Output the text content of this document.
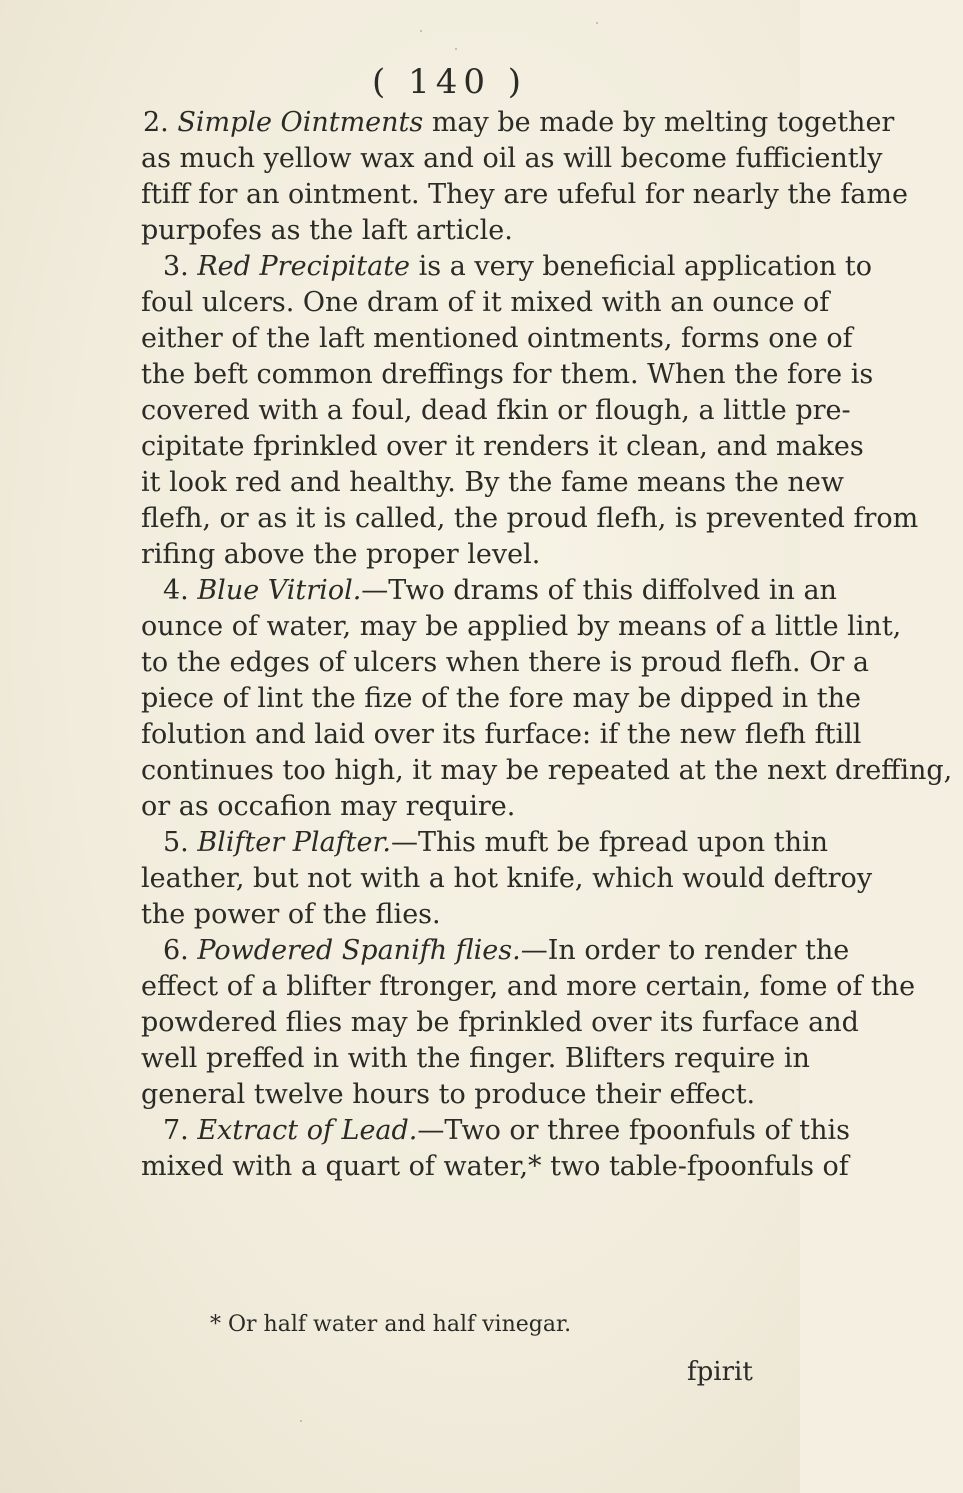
( 140 )
2. Simple Ointments may be made by melting together
as much yellow wax and oil as will become fufficiently
ftiff for an ointment. They are ufeful for nearly the fame
purpofes as the laft article.
3. Red Precipitate is a very beneficial application to
foul ulcers. One dram of it mixed with an ounce of
either of the laft mentioned ointments, forms one of
the beft common dreffings for them. When the fore is
covered with a foul, dead fkin or flough, a little pre-
cipitate fprinkled over it renders it clean, and makes
it look red and healthy. By the fame means the new
flefh, or as it is called, the proud flefh, is prevented from
rifing above the proper level.
4. Blue Vitriol.—Two drams of this diffolved in an
ounce of water, may be applied by means of a little lint,
to the edges of ulcers when there is proud flefh. Or a
piece of lint the fize of the fore may be dipped in the
folution and laid over its furface: if the new flefh ftill
continues too high, it may be repeated at the next dreffing,
or as occafion may require.
5. Blifter Plafter.—This muft be fpread upon thin
leather, but not with a hot knife, which would deftroy
the power of the flies.
6. Powdered Spanifh flies.—In order to render the
effect of a blifter ftronger, and more certain, fome of the
powdered flies may be fprinkled over its furface and
well preffed in with the finger. Blifters require in
general twelve hours to produce their effect.
7. Extract of Lead.—Two or three fpoonfuls of this
mixed with a quart of water,* two table-fpoonfuls of
* Or half water and half vinegar.
fpirit
